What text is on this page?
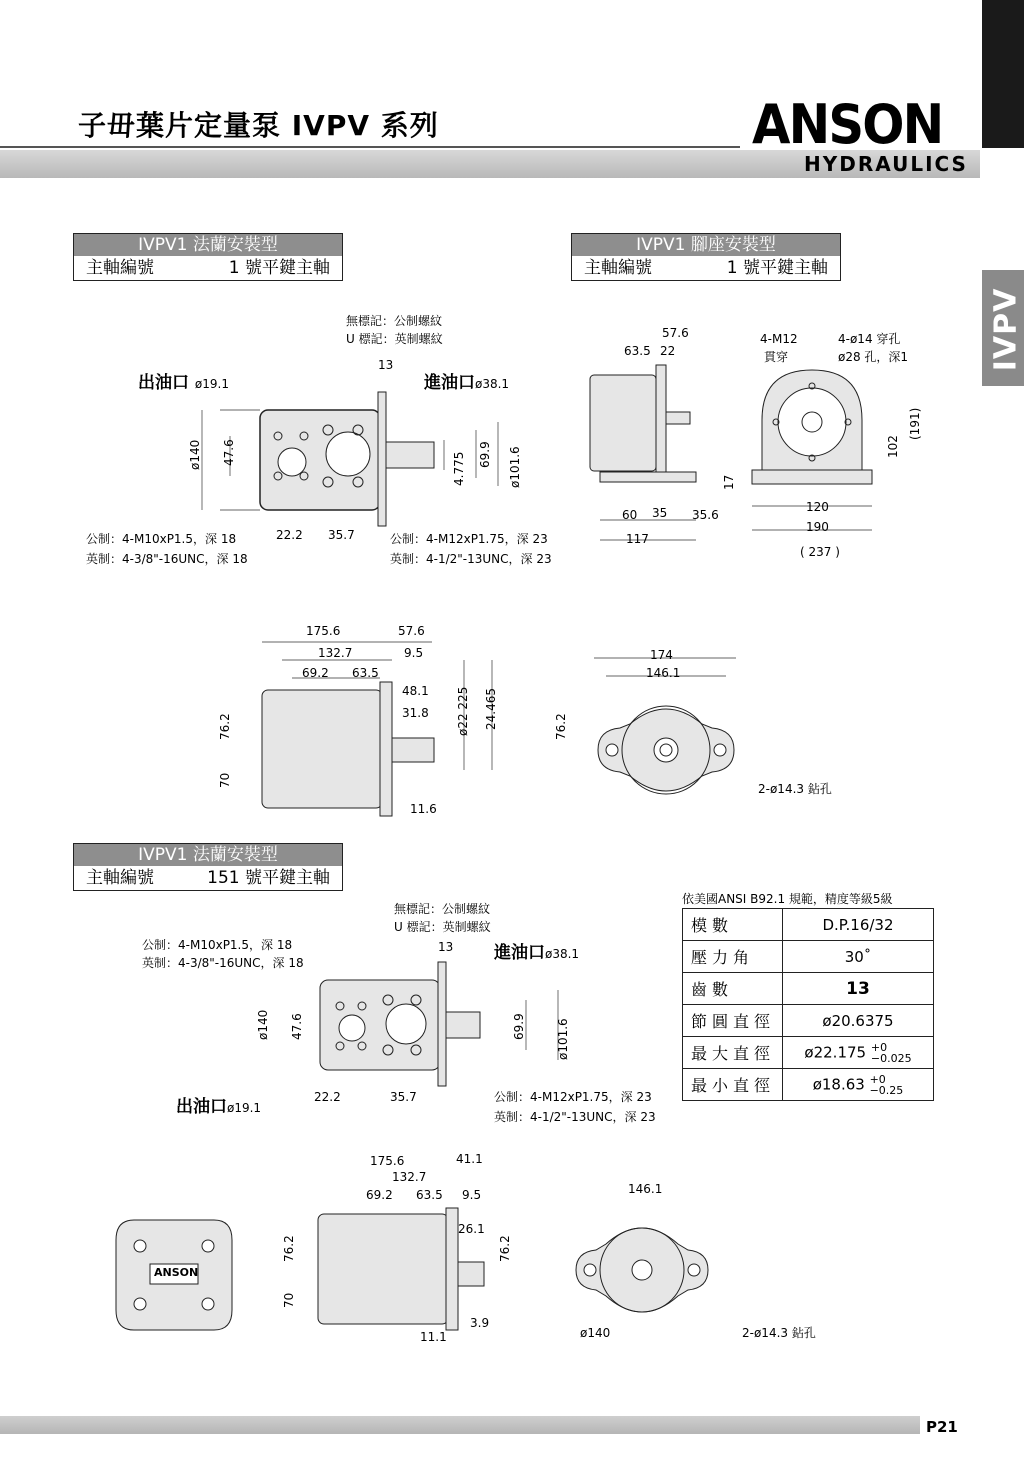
子毌葉片定量泵 IVPV 系列	ANSON
HYDRAULICS
IVPV
IVPV1 法蘭安裝型
主軸編號	1 號平鍵主軸
IVPV1 腳座安裝型
主軸編號	1 號平鍵主軸
IVPV1 法蘭安裝型
主軸編號	151 號平鍵主軸
無標記：公制螺紋
U 標記：英制螺紋
13
出油口 ø19.1	進油口ø38.1
ø140 47.6	4.775 69.9 ø101.6
22.2 35.7
公制：4-M10xP1.5，深 18
英制：4-3/8"-16UNC，深 18
公制：4-M12xP1.75，深 23
英制：4-1/2"-13UNC，深 23
57.6
63.5 22
4-M12
貫穿
4-ø14 穿孔
ø28 孔，深1
(191)
102
17
60 35 35.6
117
120
190
( 237 )
175.6
132.7
69.2 63.5
57.6
9.5
48.1
31.8
11.6
76.2
70
ø22 225 24.465
174
146.1
76.2
2-ø14.3 鉆孔
無標記：公制螺紋
U 標記：英制螺紋
公制：4-M10xP1.5，深 18
英制：4-3/8"-16UNC，深 18
13 進油口ø38.1
ø140 47.6	69.9	ø101.6
出油口ø19.1
22.2	35.7	公制：4-M12xP1.75，深 23
英制：4-1/2"-13UNC，深 23
依美國ANSI B92.1 規範，精度等級5級
模數	D.P.16/32
壓力角	30˚
齒數	13
節圓直徑	ø20.6375
最大直徑	ø22.175 +0
−0.025
最小直徑	ø18.63 +0
−0.25
ANSON
175.6
132.7
69.2 63.5
41.1
9.5
26.1
76.2
70
76.2
3.9
11.1
146.1
ø140	2-ø14.3 鉆孔
P21
